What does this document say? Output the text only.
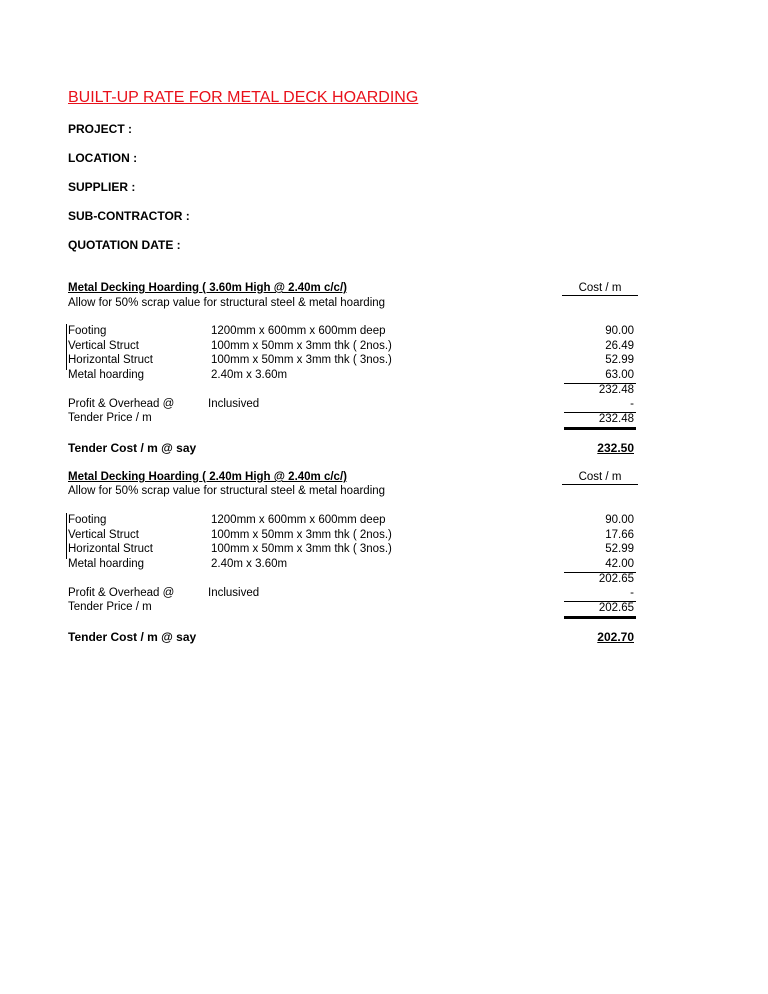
BUILT-UP RATE FOR METAL DECK HOARDING
PROJECT :
LOCATION :
SUPPLIER :
SUB-CONTRACTOR :
QUOTATION DATE :
Metal Decking Hoarding ( 3.60m High @ 2.40m c/c/)	Cost / m
Allow for 50% scrap value for structural steel & metal hoarding
Footing	1200mm x 600mm x 600mm deep	90.00
Vertical Struct	100mm x 50mm x 3mm thk ( 2nos.)	26.49
Horizontal Struct	100mm x 50mm x 3mm thk ( 3nos.)	52.99
Metal hoarding	2.40m x 3.60m	63.00
232.48
Profit & Overhead @	Inclusived	-
Tender Price / m	232.48
Tender Cost / m @ say	232.50
Metal Decking Hoarding ( 2.40m High @ 2.40m c/c/)	Cost / m
Allow for 50% scrap value for structural steel & metal hoarding
Footing	1200mm x 600mm x 600mm deep	90.00
Vertical Struct	100mm x 50mm x 3mm thk ( 2nos.)	17.66
Horizontal Struct	100mm x 50mm x 3mm thk ( 3nos.)	52.99
Metal hoarding	2.40m x 3.60m	42.00
202.65
Profit & Overhead @	Inclusived	-
Tender Price / m	202.65
Tender Cost / m @ say	202.70
